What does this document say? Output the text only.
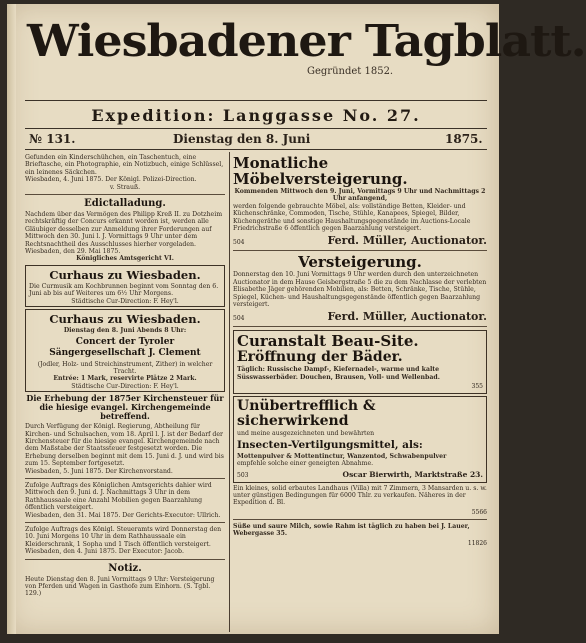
Wiesbadener Tagblatt.
Gegründet 1852.
Expedition: Langgasse No. 27.
№ 131.	Dienstag den 8. Juni	1875.

Gefunden ein Kinderschühchen, ein Taschentuch, eine Brieftasche, ein Photographie, ein Notizbuch, einige Schlüssel, ein leinenes Säckchen.

Wiesbaden, 4. Juni 1875. Der Königl. Polizei-Direction.

v. Strauß.

Edictalladung.

Nachdem über das Vermögen des Philipp Kreß II. zu Dotzheim rechtskräftig der Concurs erkannt worden ist, werden alle Gläubiger desselben zur Anmeldung ihrer Forderungen auf Mittwoch den 30. Juni l. J. Vormittags 9 Uhr unter dem Rechtsnachtheil des Ausschlusses hierher vorgeladen.

Wiesbaden, den 29. Mai 1875.

Königliches Amtsgericht VI.

Curhaus zu Wiesbaden.

Die Curmusik am Kochbrunnen beginnt vom Sonntag den 6. Juni ab bis auf Weiteres um 6½ Uhr Morgens.

Städtische Cur-Direction: F. Hey'l.

Curhaus zu Wiesbaden.

Dienstag den 8. Juni Abends 8 Uhr:

Concert der Tyroler Sängergesellschaft J. Clement

(Jodler, Holz- und Streichinstrument, Zither) in welcher Tracht.

Entrée: 1 Mark, reservirte Plätze 2 Mark.

Städtische Cur-Direction: F. Hey'l.

Die Erhebung der 1875er Kirchensteuer für die hiesige evangel. Kirchengemeinde betreffend.

Durch Verfügung der Königl. Regierung, Abtheilung für Kirchen- und Schulsachen, vom 18. April l. J. ist der Bedarf der Kirchensteuer für die hiesige evangel. Kirchengemeinde nach dem Maßstabe der Staatssteuer festgesetzt worden. Die Erhebung derselben beginnt mit dem 15. Juni d. J. und wird bis zum 15. September fortgesetzt.

Wiesbaden, 5. Juni 1875. Der Kirchenvorstand.

Zufolge Auftrags des Königlichen Amtsgerichts dahier wird Mittwoch den 9. Juni d. J. Nachmittags 3 Uhr in dem Rathhaussaale eine Anzahl Mobilien gegen Baarzahlung öffentlich versteigert.

Wiesbaden, den 31. Mai 1875. Der Gerichts-Executor: Ullrich.

Zufolge Auftrags des Königl. Steueramts wird Donnerstag den 10. Juni Morgens 10 Uhr in dem Rathhaussaale ein Kleiderschrank, 1 Sopha und 1 Tisch öffentlich versteigert.

Wiesbaden, den 4. Juni 1875. Der Executor: Jacob.

Notiz.

Heute Dienstag den 8. Juni Vormittags 9 Uhr: Versteigerung von Pferden und Wagen in Gasthofe zum Einhorn. (S. Tgbl. 129.)

Monatliche Möbelversteigerung.

Kommenden Mittwoch den 9. Juni, Vormittags 9 Uhr und Nachmittags 2 Uhr anfangend,

werden folgende gebrauchte Möbel, als: vollständige Betten, Kleider- und Küchenschränke, Commoden, Tische, Stühle, Kanapees, Spiegel, Bilder, Küchengeräthe und sonstige Haushaltungsgegenstände im Auctions-Locale Friedrichstraße 6 öffentlich gegen Baarzahlung versteigert.

504	Ferd. Müller, Auctionator.

Versteigerung.

Donnerstag den 10. Juni Vormittags 9 Uhr werden durch den unterzeichneten Auctionator in dem Hause Geisbergstraße 5 die zu dem Nachlasse der verlebten Elisabethe Jäger gehörenden Mobilien, als: Betten, Schränke, Tische, Stühle, Spiegel, Küchen- und Haushaltungsgegenstände öffentlich gegen Baarzahlung versteigert.

504	Ferd. Müller, Auctionator.

Curanstalt Beau-Site.

Eröffnung der Bäder.

Täglich: Russische Dampf-, Kiefernadel-, warme und kalte Süsswasserbäder. Douchen, Brausen, Voll- und Wellenbad.

355

Unübertrefflich & sicherwirkend

und meine ausgezeichneten und bewährten

Insecten-Vertilgungsmittel, als:

Mottenpulver & Mottentinctur, Wanzentod, Schwabenpulver

empfehle solche einer geneigten Abnahme.

503	Oscar Bierwirth, Marktstraße 23.

Ein kleines, solid erbautes Landhaus (Villa) mit 7 Zimmern, 3 Mansarden u. s. w. unter günstigen Bedingungen für 6000 Thlr. zu verkaufen. Näheres in der Expedition d. Bl.

5566

Süße und saure Milch, sowie Rahm ist täglich zu haben bei J. Lauer, Webergasse 35.

11826
